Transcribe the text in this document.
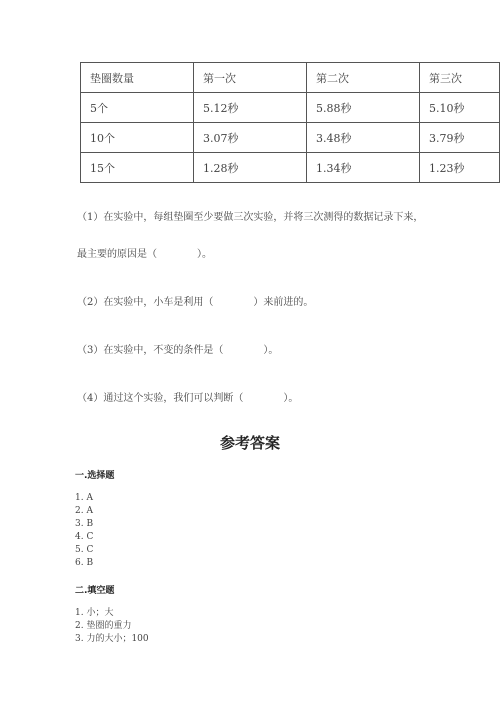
垫圈数量	第一次	第二次	第三次
5个	5.12秒	5.88秒	5.10秒
10个	3.07秒	3.48秒	3.79秒
15个	1.28秒	1.34秒	1.23秒
（1）在实验中，每组垫圈至少要做三次实验，并将三次测得的数据记录下来，
最主要的原因是（　　　　）。
（2）在实验中，小车是利用（　　　　）来前进的。
（3）在实验中，不变的条件是（　　　　）。
（4）通过这个实验，我们可以判断（　　　　）。
参考答案
一.选择题
1. A
2. A
3. B
4. C
5. C
6. B
二.填空题
1. 小；大
2. 垫圈的重力
3. 力的大小；100
